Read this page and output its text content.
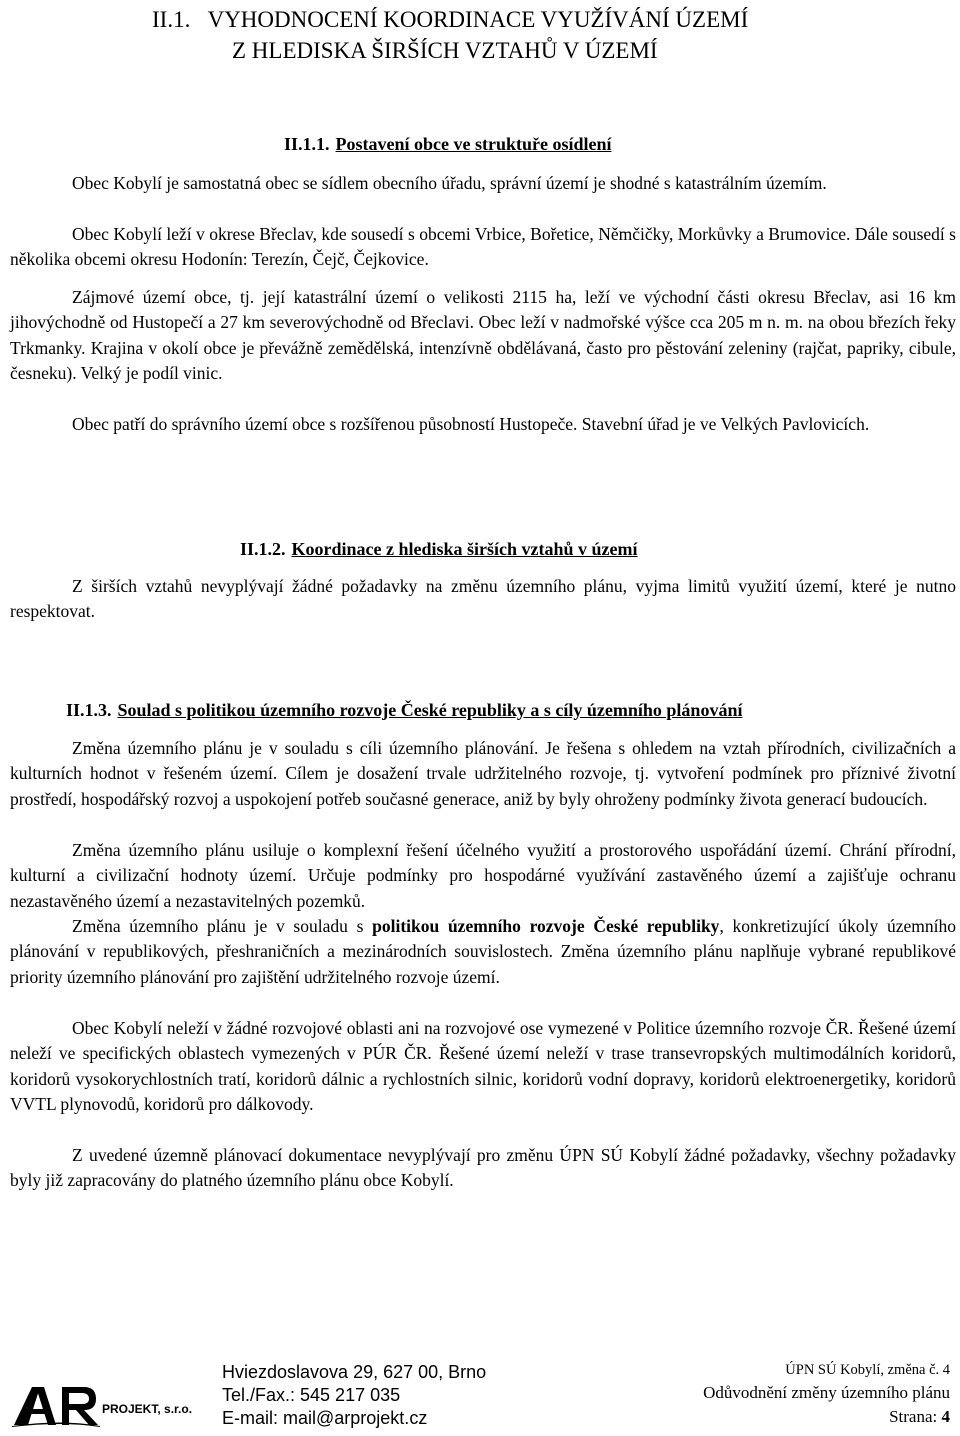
II.1. VYHODNOCENÍ KOORDINACE VYUŽÍVÁNÍ ÚZEMÍ
Z HLEDISKA ŠIRŠÍCH VZTAHŮ V ÚZEMÍ
II.1.1. Postavení obce ve struktuře osídlení

Obec Kobylí je samostatná obec se sídlem obecního úřadu, správní území je shodné s katastrálním územím.

Obec Kobylí leží v okrese Břeclav, kde sousedí s obcemi Vrbice, Bořetice, Němčičky, Morkůvky a Brumovice. Dále sousedí s několika obcemi okresu Hodonín: Terezín, Čejč, Čejkovice.

Zájmové území obce, tj. její katastrální území o velikosti 2115 ha, leží ve východní části okresu Břeclav, asi 16 km jihovýchodně od Hustopečí a 27 km severovýchodně od Břeclavi. Obec leží v nadmořské výšce cca 205 m n. m. na obou březích řeky Trkmanky. Krajina v okolí obce je převážně zemědělská, intenzívně obdělávaná, často pro pěstování zeleniny (rajčat, papriky, cibule, česneku). Velký je podíl vinic.

Obec patří do správního území obce s rozšířenou působností Hustopeče. Stavební úřad je ve Velkých Pavlovicích.

II.1.2. Koordinace z hlediska širších vztahů v území

Z širších vztahů nevyplývají žádné požadavky na změnu územního plánu, vyjma limitů využití území, které je nutno respektovat.

II.1.3. Soulad s politikou územního rozvoje České republiky a s cíly územního plánování

Změna územního plánu je v souladu s cíli územního plánování. Je řešena s ohledem na vztah přírodních, civilizačních a kulturních hodnot v řešeném území. Cílem je dosažení trvale udržitelného rozvoje, tj. vytvoření podmínek pro příznivé životní prostředí, hospodářský rozvoj a uspokojení potřeb současné generace, aniž by byly ohroženy podmínky života generací budoucích.

Změna územního plánu usiluje o komplexní řešení účelného využití a prostorového uspořádání území. Chrání přírodní, kulturní a civilizační hodnoty území. Určuje podmínky pro hospodárné využívání zastavěného území a zajišťuje ochranu nezastavěného území a nezastavitelných pozemků.

Změna územního plánu je v souladu s politikou územního rozvoje České republiky, konkretizující úkoly územního plánování v republikových, přeshraničních a mezinárodních souvislostech. Změna územního plánu naplňuje vybrané republikové priority územního plánování pro zajištění udržitelného rozvoje území.

Obec Kobylí neleží v žádné rozvojové oblasti ani na rozvojové ose vymezené v Politice územního rozvoje ČR. Řešené území neleží ve specifických oblastech vymezených v PÚR ČR. Řešené území neleží v trase transevropských multimodálních koridorů, koridorů vysokorychlostních tratí, koridorů dálnic a rychlostních silnic, koridorů vodní dopravy, koridorů elektroenergetiky, koridorů VVTL plynovodů, koridorů pro dálkovody.

Z uvedené územně plánovací dokumentace nevyplývají pro změnu ÚPN SÚ Kobylí žádné požadavky, všechny požadavky byly již zapracovány do platného územního plánu obce Kobylí.

PROJEKT, s.r.o.
Hviezdoslavova 29, 627 00, Brno
Tel./Fax.: 545 217 035
E-mail: mail@arprojekt.cz
ÚPN SÚ Kobylí, změna č. 4
Odůvodnění změny územního plánu
Strana: 4
